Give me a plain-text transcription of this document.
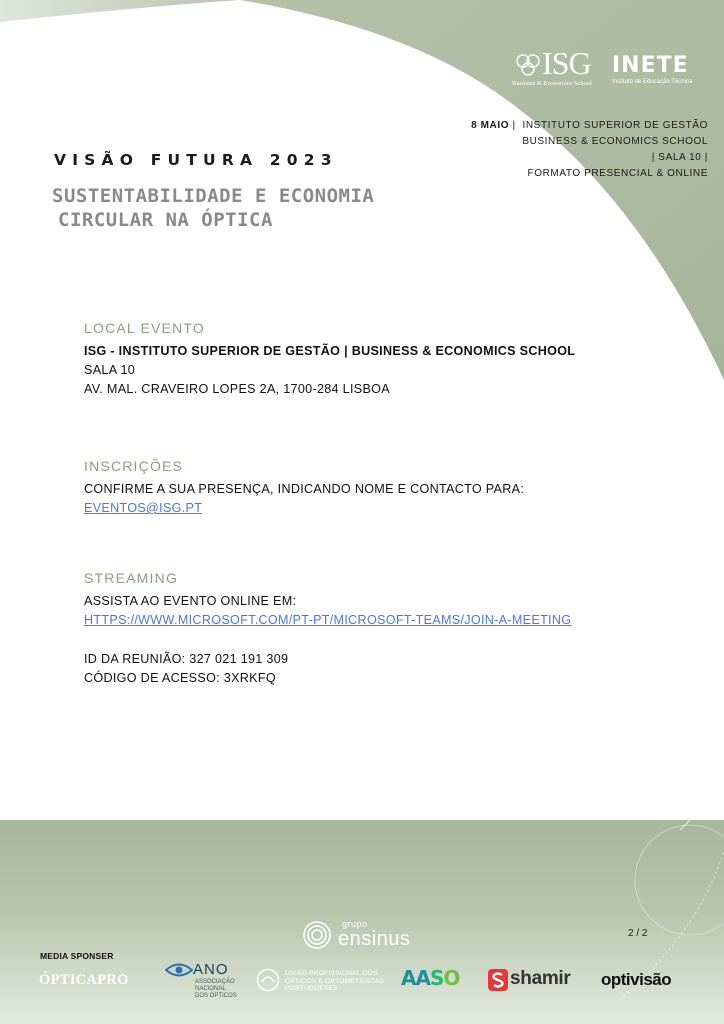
ISG
Business & Economics School
INETE
Instituto de Educação Técnica
8 MAIO |  INSTITUTO SUPERIOR DE GESTÃO
BUSINESS & ECONOMICS SCHOOL
| SALA 10 |
FORMATO PRESENCIAL & ONLINE
VISÃO FUTURA 2023
SUSTENTABILIDADE E ECONOMIA
CIRCULAR NA ÓPTICA
LOCAL EVENTO
ISG - INSTITUTO SUPERIOR DE GESTÃO | BUSINESS & ECONOMICS SCHOOL
SALA 10
AV. MAL. CRAVEIRO LOPES 2A, 1700-284 LISBOA
INSCRIÇÕES
CONFIRME A SUA PRESENÇA, INDICANDO NOME E CONTACTO PARA:
EVENTOS@ISG.PT
STREAMING
ASSISTA AO EVENTO ONLINE EM:
HTTPS://WWW.MICROSOFT.COM/PT-PT/MICROSOFT-TEAMS/JOIN-A-MEETING
ID DA REUNIÃO: 327 021 191 309
CÓDIGO DE ACESSO: 3XRKFQ
grupo
ensinus	2 / 2
MEDIA SPONSER
ÓPTICAPRO
ANO
ASSOCIAÇÃO
NACIONAL
DOS ÓPTICOS
UNIÃO PROFISSIONAL DOS
ÓPTICOS E OPTOMETRISTAS
PORTUGUESES	AASO	shamir optivisão
